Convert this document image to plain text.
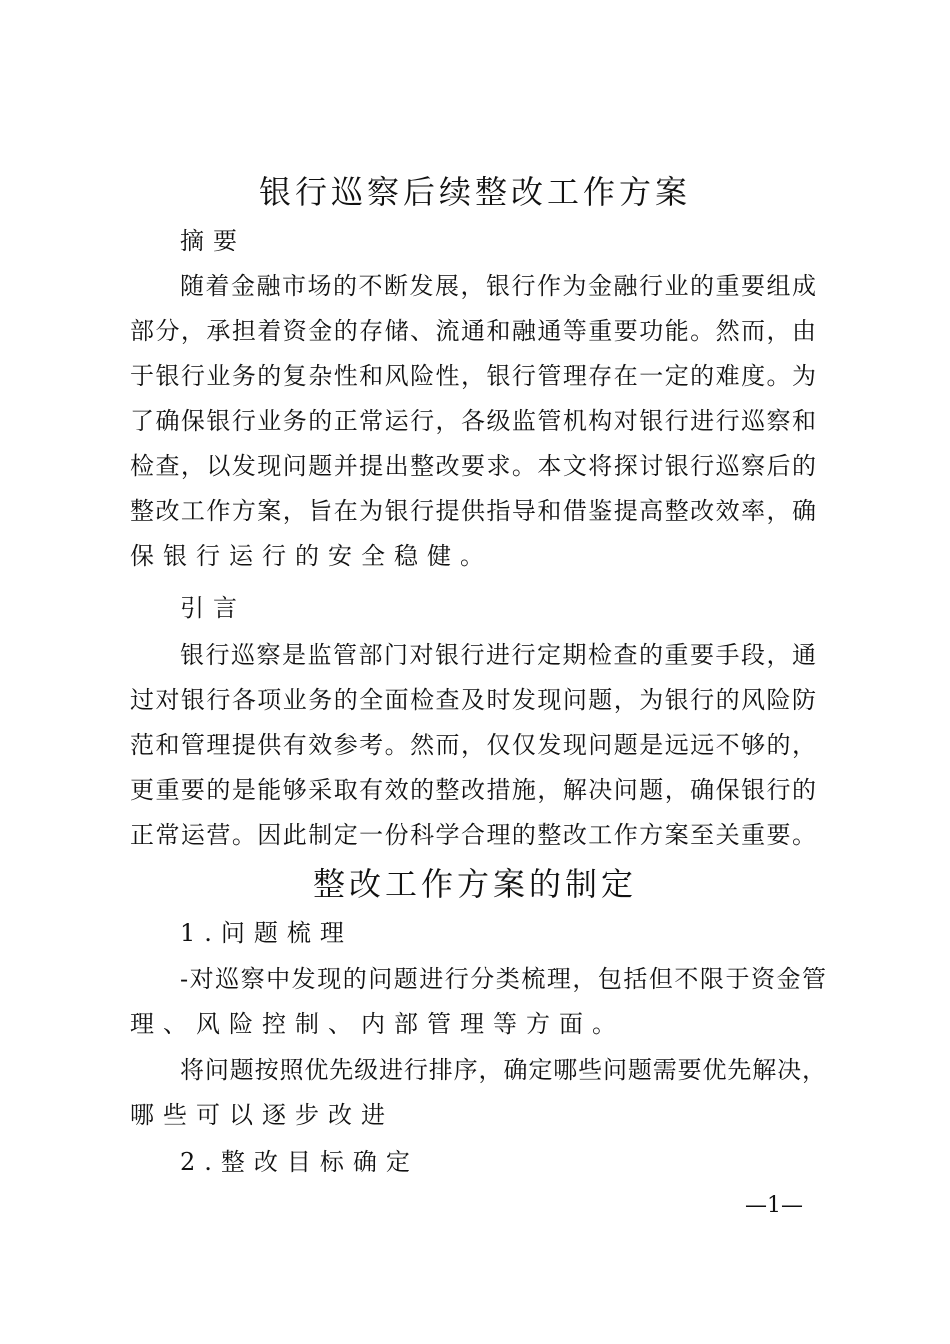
银行巡察后续整改工作方案
摘要
随着金融市场的不断发展，银行作为金融行业的重要组成
部分，承担着资金的存储、流通和融通等重要功能。然而，由
于银行业务的复杂性和风险性，银行管理存在一定的难度。为
了确保银行业务的正常运行，各级监管机构对银行进行巡察和
检查，以发现问题并提出整改要求。本文将探讨银行巡察后的
整改工作方案，旨在为银行提供指导和借鉴提高整改效率，确
保银行运行的安全稳健。
引言
银行巡察是监管部门对银行进行定期检查的重要手段，通
过对银行各项业务的全面检查及时发现问题，为银行的风险防
范和管理提供有效参考。然而，仅仅发现问题是远远不够的，
更重要的是能够采取有效的整改措施，解决问题，确保银行的
正常运营。因此制定一份科学合理的整改工作方案至关重要。
整改工作方案的制定
1.问题梳理
-对巡察中发现的问题进行分类梳理，包括但不限于资金管
理、风险控制、内部管理等方面。
将问题按照优先级进行排序，确定哪些问题需要优先解决，
哪些可以逐步改进
2.整改目标确定
—1—
